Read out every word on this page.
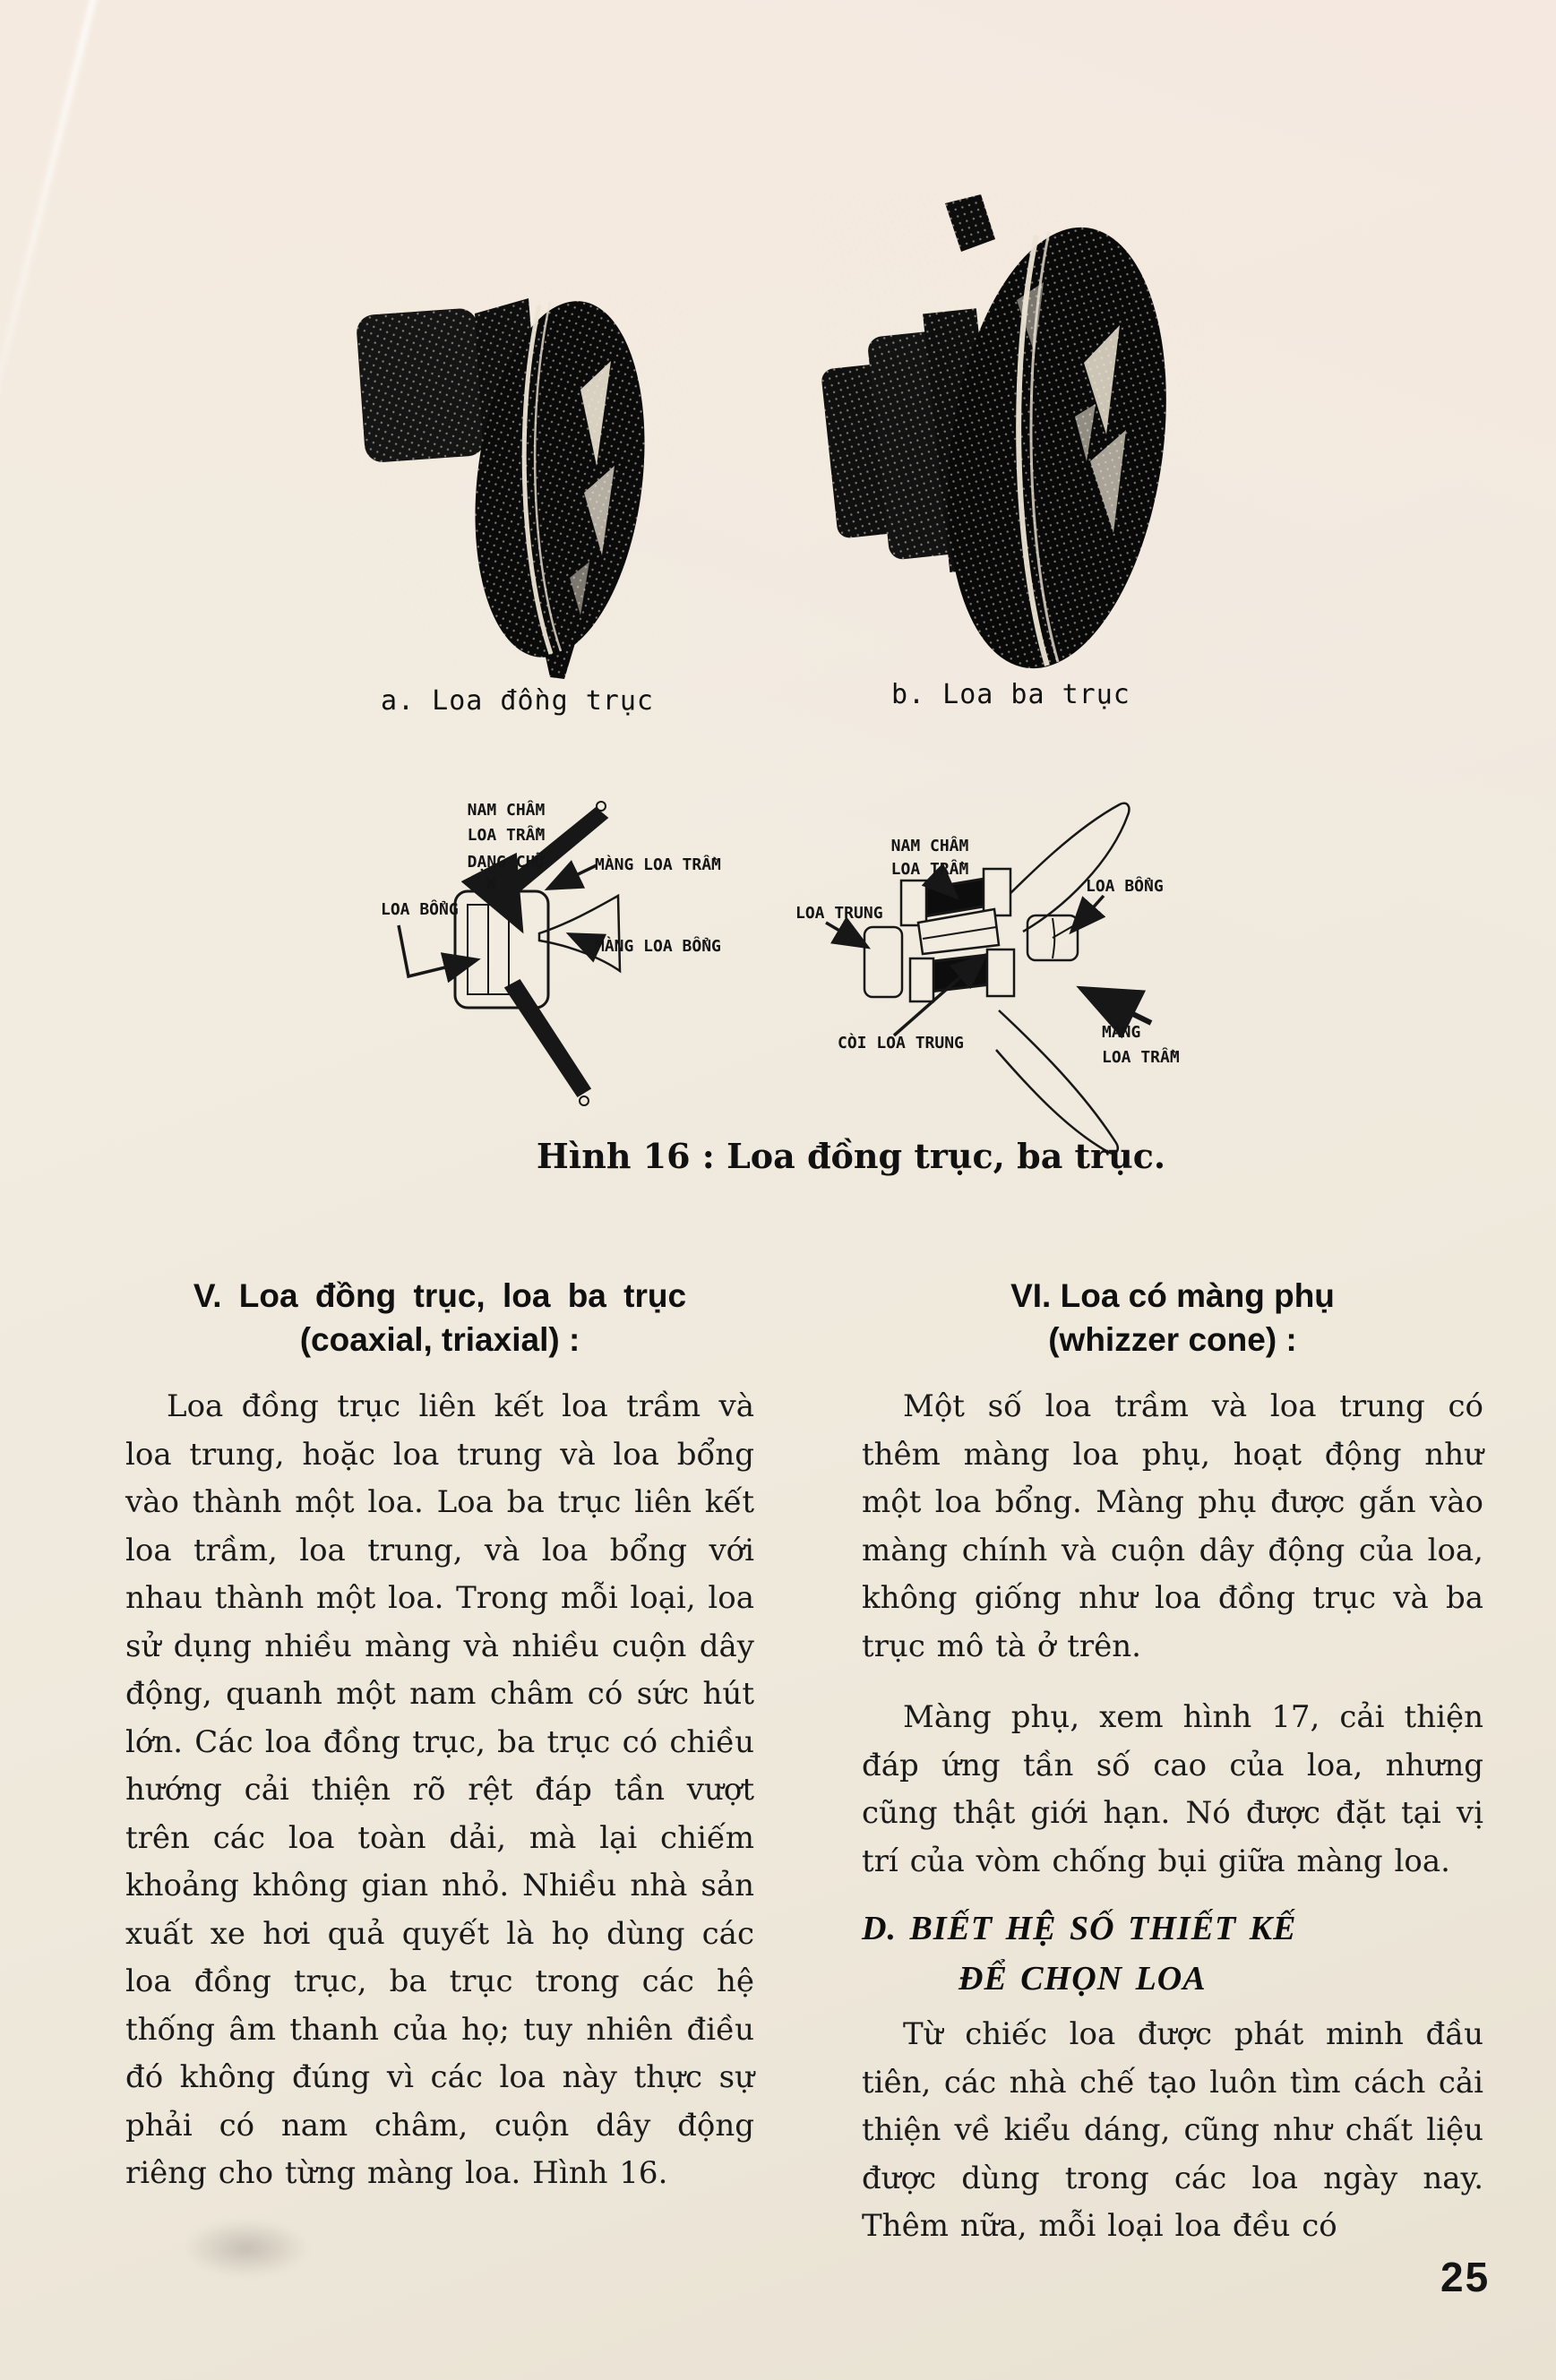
a. Loa đồng trục	b. Loa ba trục
NAM CHÂM
LOA TRẦM
DẠNG CHỮ
W
MÀNG LOA TRẦM
LOA BỔNG
MÀNG LOA BỔNG
NAM CHÂM
LOA TRẦM
LOA TRUNG
LOA BỔNG
CÒI LOA TRUNG
MÀNG
LOA TRẦM
Hình 16 : Loa đồng trục, ba trục.
V. Loa đồng trục, loa ba trục
(coaxial, triaxial) :

Loa đồng trục liên kết loa trầm và loa trung, hoặc loa trung và loa bổng vào thành một loa. Loa ba trục liên kết loa trầm, loa trung, và loa bổng với nhau thành một loa. Trong mỗi loại, loa sử dụng nhiều màng và nhiều cuộn dây động, quanh một nam châm có sức hút lớn. Các loa đồng trục, ba trục có chiều hướng cải thiện rõ rệt đáp tần vượt trên các loa toàn dải, mà lại chiếm khoảng không gian nhỏ. Nhiều nhà sản xuất xe hơi quả quyết là họ dùng các loa đồng trục, ba trục trong các hệ thống âm thanh của họ; tuy nhiên điều đó không đúng vì các loa này thực sự phải có nam châm, cuộn dây động riêng cho từng màng loa. Hình 16.

VI. Loa có màng phụ
(whizzer cone) :

Một số loa trầm và loa trung có thêm màng loa phụ, hoạt động như một loa bổng. Màng phụ được gắn vào màng chính và cuộn dây động của loa, không giống như loa đồng trục và ba trục mô tà ở trên.

Màng phụ, xem hình 17, cải thiện đáp ứng tần số cao của loa, nhưng cũng thật giới hạn. Nó được đặt tại vị trí của vòm chống bụi giữa màng loa.

D. BIẾT HỆ SỐ THIẾT KẾ
ĐỂ CHỌN LOA

Từ chiếc loa được phát minh đầu tiên, các nhà chế tạo luôn tìm cách cải thiện về kiểu dáng, cũng như chất liệu được dùng trong các loa ngày nay. Thêm nữa, mỗi loại loa đều có

25
